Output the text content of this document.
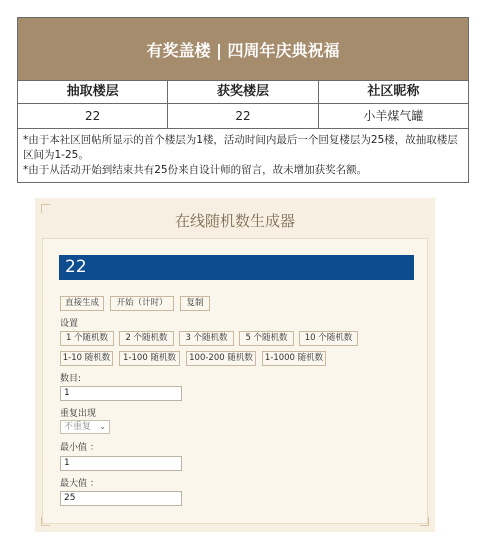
有奖盖楼 | 四周年庆典祝福
抽取楼层	获奖楼层	社区昵称
22	22	小羊煤气罐
*由于本社区回帖所显示的首个楼层为1楼，活动时间内最后一个回复楼层为25楼，故抽取楼层区间为1-25。
*由于从活动开始到结束共有25份来自设计师的留言，故未增加获奖名额。
在线随机数生成器
22
直接生成	开始（计时）	复制
设置
1 个随机数	2 个随机数	3 个随机数	5 个随机数	10 个随机数
1-10 随机数	1-100 随机数	100-200 随机数	1-1000 随机数
数目:
1
重复出现
不重复 ⌄
最小值 ：
1
最大值 ：
25
